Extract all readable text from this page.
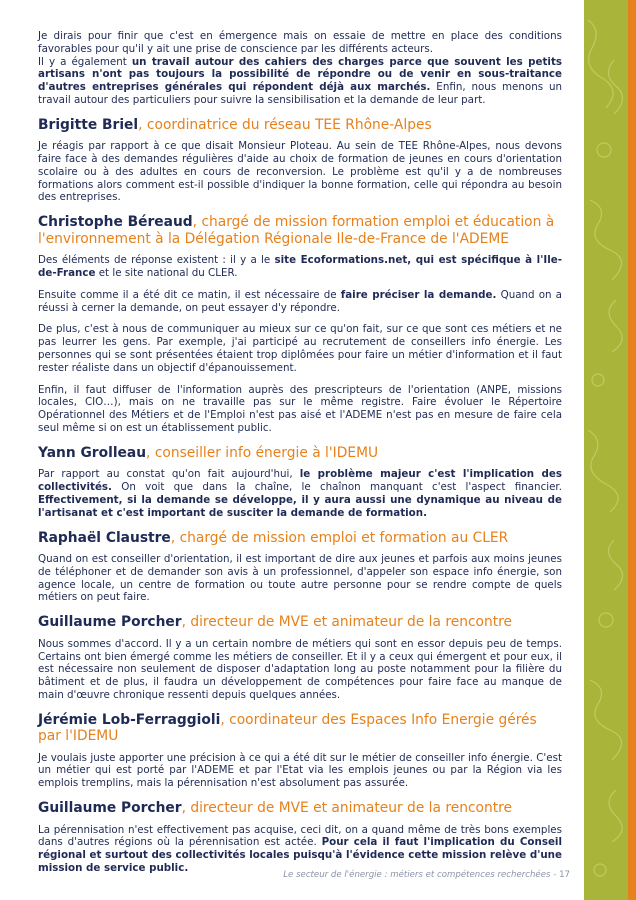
Je dirais pour finir que c'est en émergence mais on essaie de mettre en place des conditions favorables pour qu'il y ait une prise de conscience par les différents acteurs.

Il y a également un travail autour des cahiers des charges parce que souvent les petits artisans n'ont pas toujours la possibilité de répondre ou de venir en sous-traitance d'autres entreprises générales qui répondent déjà aux marchés. Enfin, nous menons un travail autour des particuliers pour suivre la sensibilisation et la demande de leur part.

Brigitte Briel, coordinatrice du réseau TEE Rhône-Alpes

Je réagis par rapport à ce que disait Monsieur Ploteau. Au sein de TEE Rhône-Alpes, nous devons faire face à des demandes régulières d'aide au choix de formation de jeunes en cours d'orientation scolaire ou à des adultes en cours de reconversion. Le problème est qu'il y a de nombreuses formations alors comment est-il possible d'indiquer la bonne formation, celle qui répondra au besoin des entreprises.

Christophe Béreaud, chargé de mission formation emploi et éducation à l'environnement à la Délégation Régionale Ile-de-France de l'ADEME

Des éléments de réponse existent : il y a le site Ecoformations.net, qui est spécifique à l'Ile-de-France et le site national du CLER.

Ensuite comme il a été dit ce matin, il est nécessaire de faire préciser la demande. Quand on a réussi à cerner la demande, on peut essayer d'y répondre.

De plus, c'est à nous de communiquer au mieux sur ce qu'on fait, sur ce que sont ces métiers et ne pas leurrer les gens. Par exemple, j'ai participé au recrutement de conseillers info énergie. Les personnes qui se sont présentées étaient trop diplômées pour faire un métier d'information et il faut rester réaliste dans un objectif d'épanouissement.

Enfin, il faut diffuser de l'information auprès des prescripteurs de l'orientation (ANPE, missions locales, CIO…), mais on ne travaille pas sur le même registre. Faire évoluer le Répertoire Opérationnel des Métiers et de l'Emploi n'est pas aisé et l'ADEME n'est pas en mesure de faire cela seul même si on est un établissement public.

Yann Grolleau, conseiller info énergie à l'IDEMU

Par rapport au constat qu'on fait aujourd'hui, le problème majeur c'est l'implication des collectivités. On voit que dans la chaîne, le chaînon manquant c'est l'aspect financier. Effectivement, si la demande se développe, il y aura aussi une dynamique au niveau de l'artisanat et c'est important de susciter la demande de formation.

Raphaël Claustre, chargé de mission emploi et formation au CLER

Quand on est conseiller d'orientation, il est important de dire aux jeunes et parfois aux moins jeunes de téléphoner et de demander son avis à un professionnel, d'appeler son espace info énergie, son agence locale, un centre de formation ou toute autre personne pour se rendre compte de quels métiers on peut faire.

Guillaume Porcher, directeur de MVE et animateur de la rencontre

Nous sommes d'accord. Il y a un certain nombre de métiers qui sont en essor depuis peu de temps. Certains ont bien émergé comme les métiers de conseiller. Et il y a ceux qui émergent et pour eux, il est nécessaire non seulement de disposer d'adaptation long au poste notamment pour la filière du bâtiment et de plus, il faudra un développement de compétences pour faire face au manque de main d'œuvre chronique ressenti depuis quelques années.

Jérémie Lob-Ferraggioli, coordinateur des Espaces Info Energie gérés par l'IDEMU

Je voulais juste apporter une précision à ce qui a été dit sur le métier de conseiller info énergie. C'est un métier qui est porté par l'ADEME et par l'Etat via les emplois jeunes ou par la Région via les emplois tremplins, mais la pérennisation n'est absolument pas assurée.

Guillaume Porcher, directeur de MVE et animateur de la rencontre

La pérennisation n'est effectivement pas acquise, ceci dit, on a quand même de très bons exemples dans d'autres régions où la pérennisation est actée. Pour cela il faut l'implication du Conseil régional et surtout des collectivités locales puisqu'à l'évidence cette mission relève d'une mission de service public.

Le secteur de l'énergie : métiers et compétences recherchées - 17
